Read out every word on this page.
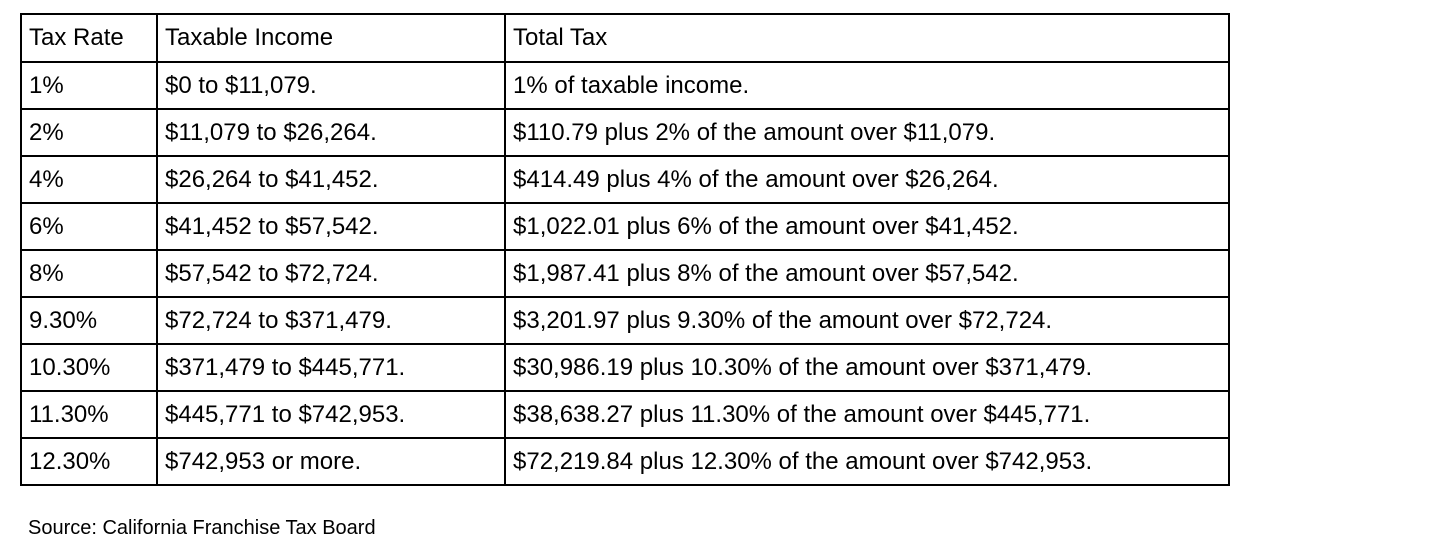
Tax Rate	Taxable Income	Total Tax
1%	$0 to $11,079.	1% of taxable income.
2%	$11,079 to $26,264.	$110.79 plus 2% of the amount over $11,079.
4%	$26,264 to $41,452.	$414.49 plus 4% of the amount over $26,264.
6%	$41,452 to $57,542.	$1,022.01 plus 6% of the amount over $41,452.
8%	$57,542 to $72,724.	$1,987.41 plus 8% of the amount over $57,542.
9.30%	$72,724 to $371,479.	$3,201.97 plus 9.30% of the amount over $72,724.
10.30%	$371,479 to $445,771.	$30,986.19 plus 10.30% of the amount over $371,479.
11.30%	$445,771 to $742,953.	$38,638.27 plus 11.30% of the amount over $445,771.
12.30%	$742,953 or more.	$72,219.84 plus 12.30% of the amount over $742,953.
Source: California Franchise Tax Board
